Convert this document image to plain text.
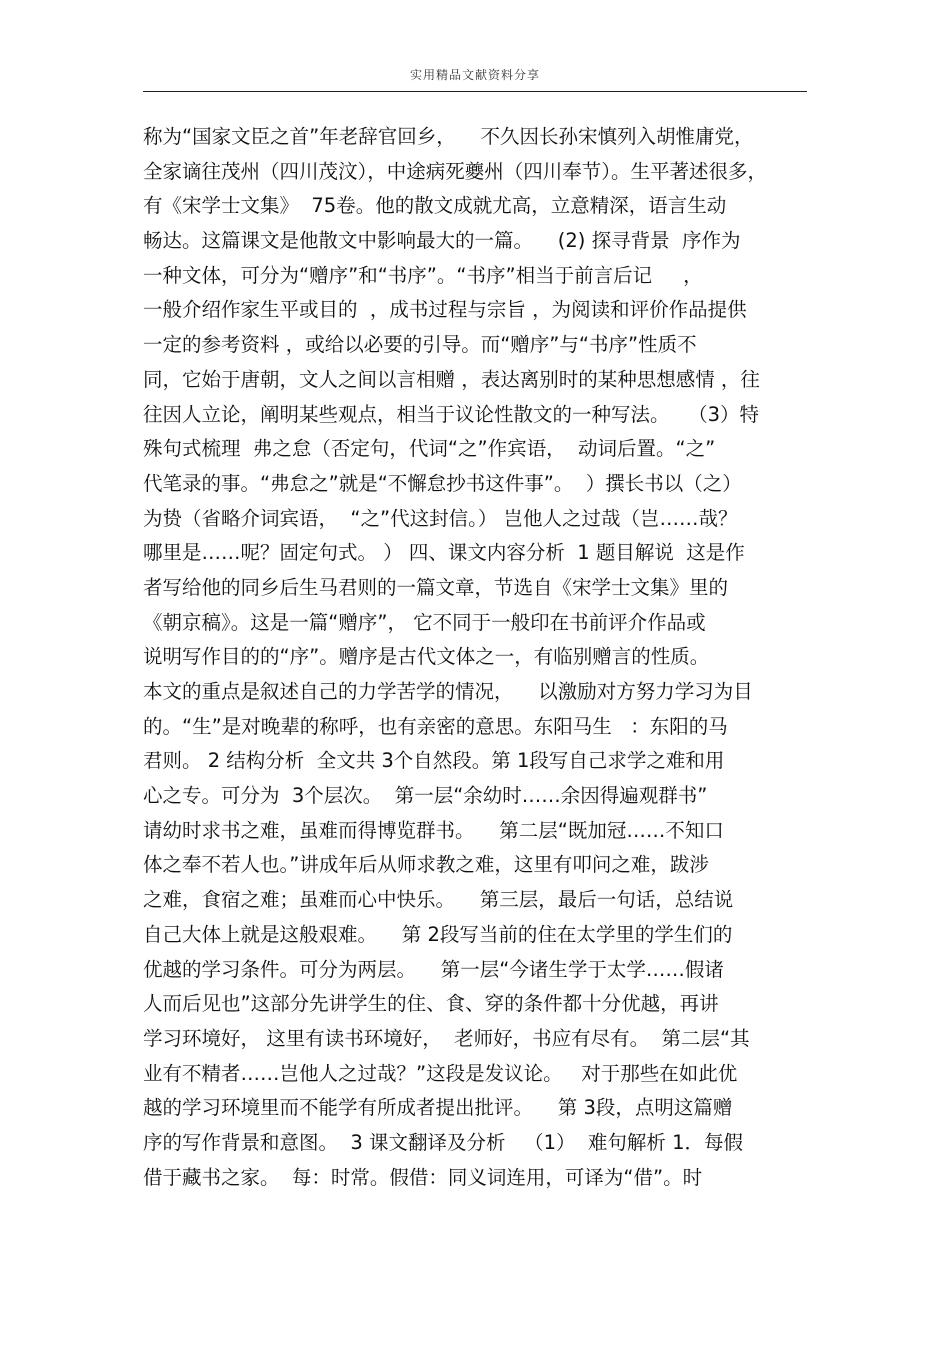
实用精品文献资料分享
称为“国家文臣之首”年老辞官回乡，    不久因长孙宋慎列入胡惟庸党，
全家谪往茂州（四川茂汶），中途病死夔州（四川奉节）。生平著述很多，
有《宋学士文集》  75卷。他的散文成就尤高，立意精深，语言生动
畅达。这篇课文是他散文中影响最大的一篇。    (2) 探寻背景  序作为
一种文体，可分为“赠序”和“书序”。“书序”相当于前言后记     ，
一般介绍作家生平或目的  ，成书过程与宗旨 ，为阅读和评价作品提供
一定的参考资料 ，或给以必要的引导。而“赠序”与“书序”性质不
同，它始于唐朝，文人之间以言相赠 ，表达离别时的某种思想感情 ，往
往因人立论，阐明某些观点，相当于议论性散文的一种写法。   （3）特
殊句式梳理  弗之怠（否定句，代词“之”作宾语，  动词后置。“之”
代笔录的事。“弗怠之”就是“不懈怠抄书这件事”。  ）撰长书以（之）
为贽（省略介词宾语，  “之”代这封信。） 岂他人之过哉（岂……哉？
哪里是……呢？固定句式。 ） 四、课文内容分析  1 题目解说  这是作
者写给他的同乡后生马君则的一篇文章，节选自《宋学士文集》里的
《朝京稿》。这是一篇“赠序”， 它不同于一般印在书前评介作品或
说明写作目的的“序”。赠序是古代文体之一，有临别赠言的性质。
本文的重点是叙述自己的力学苦学的情况，    以激励对方努力学习为目
的。“生”是对晚辈的称呼，也有亲密的意思。东阳马生   ：东阳的马
君则。 2 结构分析  全文共 3个自然段。第 1段写自己求学之难和用
心之专。可分为  3个层次。  第一层“余幼时……余因得遍观群书”
请幼时求书之难，虽难而得博览群书。    第二层“既加冠……不知口
体之奉不若人也。”讲成年后从师求教之难，这里有叩问之难，跋涉
之难，食宿之难；虽难而心中快乐。    第三层，最后一句话，总结说
自己大体上就是这般艰难。    第 2段写当前的住在太学里的学生们的
优越的学习条件。可分为两层。    第一层“今诸生学于太学……假诸
人而后见也”这部分先讲学生的住、食、穿的条件都十分优越，再讲
学习环境好， 这里有读书环境好，  老师好，书应有尽有。  第二层“其
业有不精者……岂他人之过哉？”这段是发议论。   对于那些在如此优
越的学习环境里而不能学有所成者提出批评。    第 3段，点明这篇赠
序的写作背景和意图。  3 课文翻译及分析   （1）  难句解析 1．每假
借于藏书之家。  每：时常。假借：同义词连用，可译为“借”。时
